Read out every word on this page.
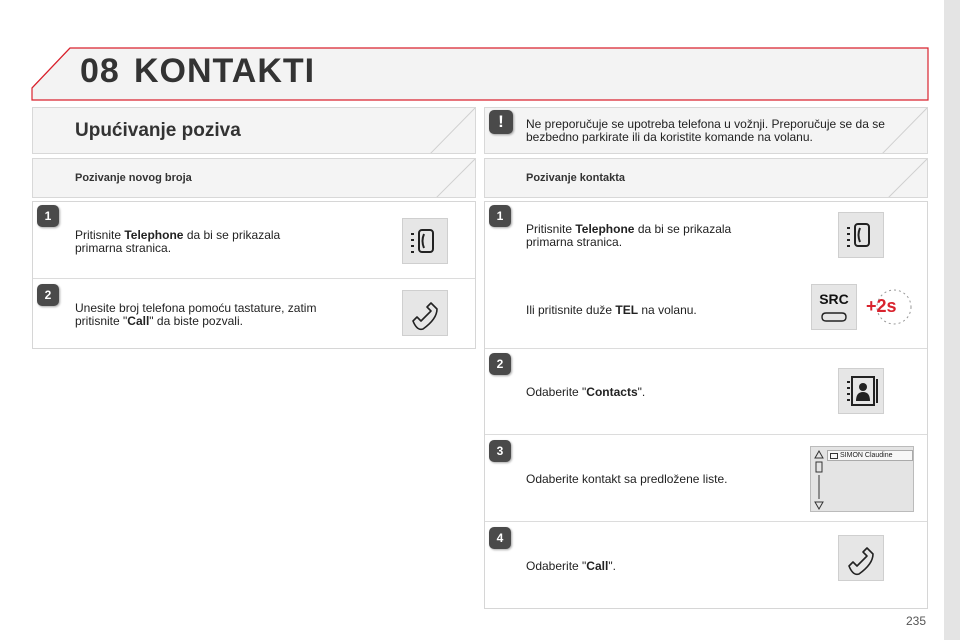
08 KONTAKTI
Upućivanje poziva
Pozivanje novog broja
1
Pritisnite Telephone da bi se prikazala primarna stranica.
2
Unesite broj telefona pomoću tastature, zatim pritisnite "Call" da biste pozvali.
!	Ne preporučuje se upotreba telefona u vožnji. Preporučuje se da se bezbedno parkirate ili da koristite komande na volanu.
Pozivanje kontakta
1
Pritisnite Telephone da bi se prikazala primarna stranica.
Ili pritisnite duže TEL na volanu.
SRC +2s
2
Odaberite "Contacts".
3
Odaberite kontakt sa predložene liste.
SIMON Claudine
4
Odaberite "Call".
235
